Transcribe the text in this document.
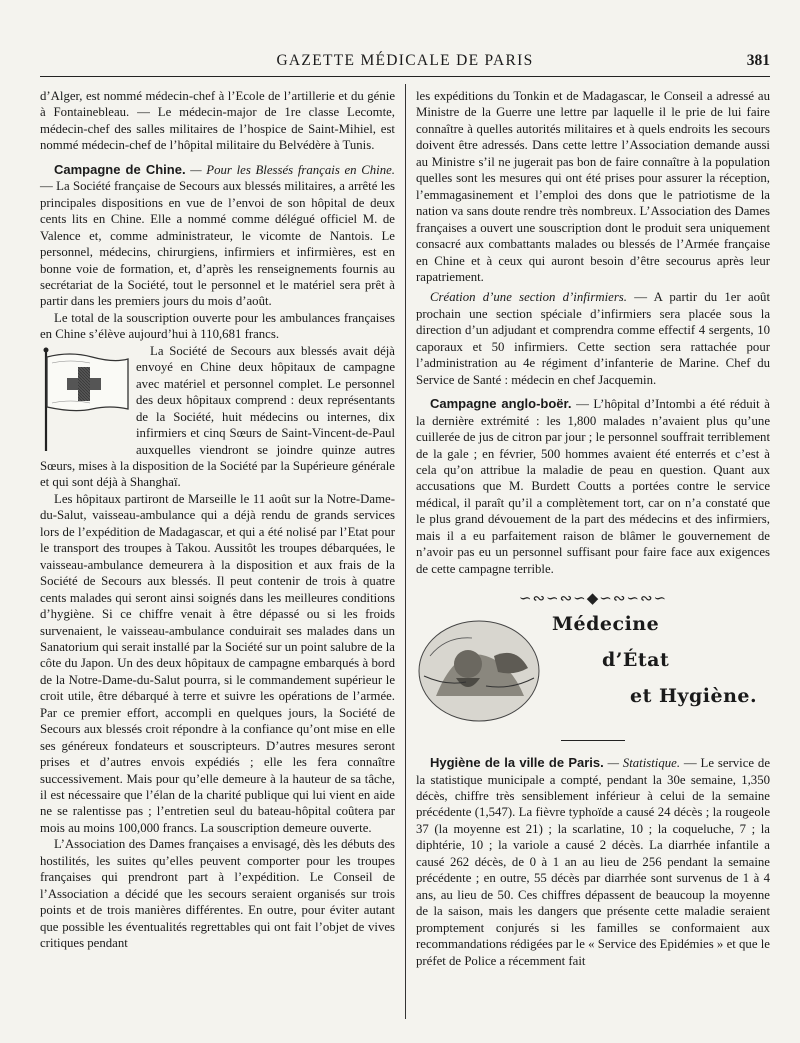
GAZETTE MÉDICALE DE PARIS	381

d’Alger, est nommé médecin-chef à l’Ecole de l’artillerie et du génie à Fontainebleau. — Le médecin-major de 1re classe Lecomte, médecin-chef des salles militaires de l’hospice de Saint-Mihiel, est nommé médecin-chef de l’hôpital militaire du Belvédère à Tunis.

Campagne de Chine. — Pour les Blessés français en Chine. — La Société française de Secours aux blessés militaires, a arrêté les principales dispositions en vue de l’envoi de son hôpital de deux cents lits en Chine. Elle a nommé comme délégué officiel M. de Valence et, comme administrateur, le vicomte de Nantois. Le personnel, médecins, chirurgiens, infirmiers et infirmières, est en bonne voie de formation, et, d’après les renseignements fournis au secrétariat de la Société, tout le personnel et le matériel sera prêt à partir dans les premiers jours du mois d’août.

Le total de la souscription ouverte pour les ambulances françaises en Chine s’élève aujourd’hui à 110,681 francs.

La Société de Secours aux blessés avait déjà envoyé en Chine deux hôpitaux de campagne avec matériel et personnel complet. Le personnel des deux hôpitaux comprend : deux représentants de la Société, huit médecins ou internes, dix infirmiers et cinq Sœurs de Saint-Vincent-de-Paul auxquelles viendront se joindre quinze autres Sœurs, mises à la disposition de la Société par la Supérieure générale et qui sont déjà à Shanghaï.

Les hôpitaux partiront de Marseille le 11 août sur la Notre-Dame-du-Salut, vaisseau-ambulance qui a déjà rendu de grands services lors de l’expédition de Madagascar, et qui a été nolisé par l’Etat pour le transport des troupes à Takou. Aussitôt les troupes débarquées, le vaisseau-ambulance demeurera à la disposition et aux frais de la Société de Secours aux blessés. Il peut contenir de trois à quatre cents malades qui seront ainsi soignés dans les meilleures conditions d’hygiène. Si ce chiffre venait à être dépassé ou si les froids survenaient, le vaisseau-ambulance conduirait ses malades dans un Sanatorium qui serait installé par la Société sur un point salubre de la côte du Japon. Un des deux hôpitaux de campagne embarqués à bord de la Notre-Dame-du-Salut pourra, si le commandement supérieur le croit utile, être débarqué à terre et suivre les opérations de l’armée. Par ce premier effort, accompli en quelques jours, la Société de Secours aux blessés croit répondre à la confiance qu’ont mise en elle ses généreux fondateurs et souscripteurs. D’autres mesures seront prises et d’autres envois expédiés ; elle les fera connaître successivement. Mais pour qu’elle demeure à la hauteur de sa tâche, il est nécessaire que l’élan de la charité publique qui lui vient en aide ne se ralentisse pas ; l’entretien seul du bateau-hôpital coûtera par mois au moins 100,000 francs. La souscription demeure ouverte.

L’Association des Dames françaises a envisagé, dès les débuts des hostilités, les suites qu’elles peuvent comporter pour les troupes françaises qui prendront part à l’expédition. Le Conseil de l’Association a décidé que les secours seraient organisés sur trois points et de trois manières différentes. En outre, pour éviter autant que possible les éventualités regrettables qui ont fait l’objet de vives critiques pendant

les expéditions du Tonkin et de Madagascar, le Conseil a adressé au Ministre de la Guerre une lettre par laquelle il le prie de lui faire connaître à quelles autorités militaires et à quels endroits les secours doivent être adressés. Dans cette lettre l’Association demande aussi au Ministre s’il ne jugerait pas bon de faire connaître à la population quelles sont les mesures qui ont été prises pour assurer la réception, l’emmagasinement et l’emploi des dons que le patriotisme de la nation va sans doute rendre très nombreux. L’Association des Dames françaises a ouvert une souscription dont le produit sera uniquement consacré aux combattants malades ou blessés de l’Armée française en Chine et à ceux qui auront besoin d’être secourus après leur rapatriement.

Création d’une section d’infirmiers. — A partir du 1er août prochain une section spéciale d’infirmiers sera placée sous la direction d’un adjudant et comprendra comme effectif 4 sergents, 10 caporaux et 50 infirmiers. Cette section sera rattachée pour l’administration au 4e régiment d’infanterie de Marine. Chef du Service de Santé : médecin en chef Jacquemin.

Campagne anglo-boër. — L’hôpital d’Intombi a été réduit à la dernière extrémité : les 1,800 malades n’avaient plus qu’une cuillerée de jus de citron par jour ; le personnel souffrait terriblement de la gale ; en février, 500 hommes avaient été enterrés et c’est à cela qu’on attribue la maladie de peau en question. Quant aux accusations que M. Burdett Coutts a portées contre le service médical, il paraît qu’il a complètement tort, car on n’a constaté que le plus grand dévouement de la part des médecins et des infirmiers, mais il a eu parfaitement raison de blâmer le gouvernement de n’avoir pas eu un personnel suffisant pour faire face aux exigences de cette campagne terrible.

∽∾∽∾∽◆∽∾∽∾∽
Médecine
d’État
et Hygiène.

Hygiène de la ville de Paris. — Statistique. — Le service de la statistique municipale a compté, pendant la 30e semaine, 1,350 décès, chiffre très sensiblement inférieur à celui de la semaine précédente (1,547). La fièvre typhoïde a causé 24 décès ; la rougeole 37 (la moyenne est 21) ; la scarlatine, 10 ; la coqueluche, 7 ; la diphtérie, 10 ; la variole a causé 2 décès. La diarrhée infantile a causé 262 décès, de 0 à 1 an au lieu de 256 pendant la semaine précédente ; en outre, 55 décès par diarrhée sont survenus de 1 à 4 ans, au lieu de 50. Ces chiffres dépassent de beaucoup la moyenne de la saison, mais les dangers que présente cette maladie seraient promptement conjurés si les familles se conformaient aux recommandations rédigées par le « Service des Epidémies » et que le préfet de Police a récemment fait
